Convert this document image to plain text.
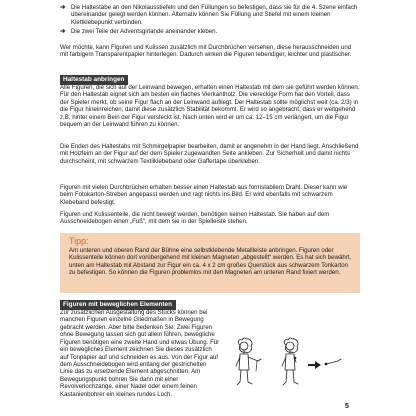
➔ Die Haltestäbe an den Nikolausstiefeln und den Füllungen so befestigen, dass sie für die 4. Szene einfach übereinander gelegt werden können. Alternativ können Sie Füllung und Stiefel mit einem kleinen Klettklebepunkt verbinden.
➔ Die zwei Teile der Adventsgirlande aneinander kleben.
Wer möchte, kann Figuren und Kulissen zusätzlich mit Durchbrüchen versehen, diese herausschneiden und mit farbigem Transparentpapier hinterlegen. Dadurch wirken die Figuren lebendiger, leichter und plastischer.
Haltestab anbringen
Alle Figuren, die sich auf der Leinwand bewegen, erhalten einen Haltestab mit dem sie geführt werden können. Für den Haltestab eignet sich am besten ein flaches Vierkantholz. Die viereckige Form hat den Vorteil, dass der Spieler merkt, ob seine Figur flach an der Leinwand aufliegt. Der Haltestab sollte möglichst weit (ca. 2/3) in die Figur hineinreichen, damit diese zusätzlich Stabilität bekommt. Er wird so angebracht, dass er weitgehend z.B. hinter einem Bein der Figur versteckt ist. Nach unten wird er um ca. 12–15 cm verlängert, um die Figur bequem an der Leinwand führen zu können.
Die Enden des Haltestabs mit Schmirgelpapier bearbeiten, damit er angenehm in der Hand liegt. Anschließend mit Holzleim an der Figur auf der dem Spieler zugewandten Seite ankleben. Zur Sicherheit und damit nichts durchscheint, mit schwarzem Textilklebeband oder Gaffertape überkleben.
Figuren mit vielen Durchbrüchen erhalten besser einen Haltestab aus formstabilem Draht. Dieser kann wie beim Fotokarton-Streben angepasst werden und ragt nichts ins Bild. Er wird ebenfalls mit schwarzem Klebeband befestigt.
Figuren und Kulissenteile, die nicht bewegt werden, benötigen keinen Haltestab. Sie haben auf dem Ausschneidebogen einen „Fuß“, mit dem sie in der Spielleiste stehen.
Tipp:
Am unteren und oberen Rand der Bühne eine selbstklebende Metallleiste anbringen. Figuren oder Kulissenteile können dort vorübergehend mit kleinen Magneten „abgestellt“ werden. Es hat sich bewährt, unten am Haltestab mit Abstand zur Figur ein ca. 4 x 2 cm großes Querstück aus schwarzem Tonkarton zu befestigen. So können die Figuren problemlos mit den Magneten am unteren Rand fixiert werden.
Figuren mit beweglichen Elementen
Zur zusätzlichen Ausgestaltung des Stücks können bei manchen Figuren einzelne Gliedmaßen in Bewegung gebracht werden. Aber bitte bedenken Sie: Zwei Figuren ohne Bewegung lassen sich gut allein führen, bewegliche Figuren benötigen eine zweite Hand und etwas Übung. Für ein bewegliches Element zeichnen Sie dieses zusätzlich auf Tonpapier auf und schneiden es aus. Von der Figur auf dem Ausschneidebogen wird entlang der gestrichelten Linie das zu ersetzende Element abgeschnitten. Am Bewegungspunkt bohren Sie dann mit einer Revolverlochzange, einer Nadel oder einem feinen Kastanienbohrer ein kleines rundes Loch.
5
